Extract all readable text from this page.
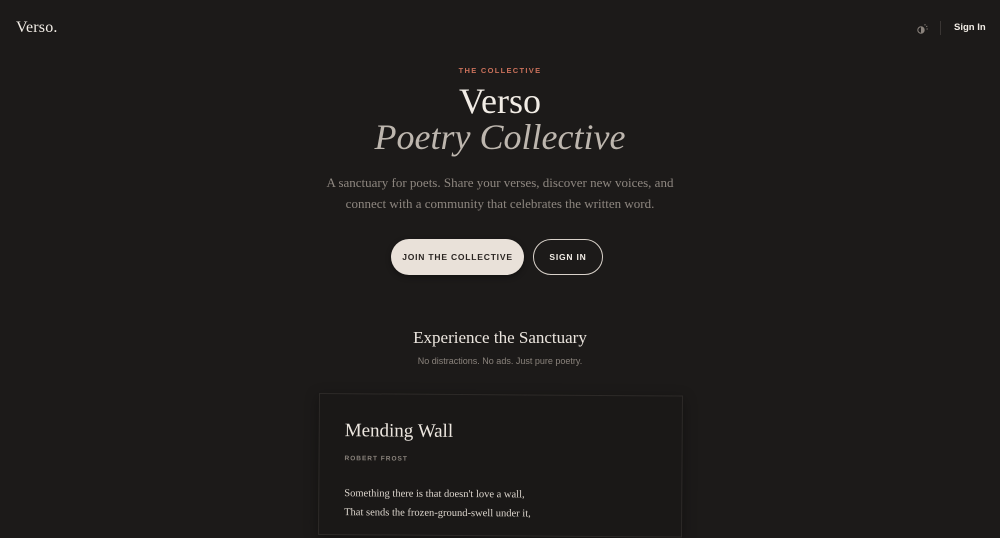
Verso.	Sign In
THE COLLECTIVE
Verso
Poetry Collective
A sanctuary for poets. Share your verses, discover new voices, and
connect with a community that celebrates the written word.
JOIN THE COLLECTIVE	SIGN IN
Experience the Sanctuary
No distractions. No ads. Just pure poetry.
Mending Wall
ROBERT FROST
Something there is that doesn't love a wall,
That sends the frozen-ground-swell under it,
